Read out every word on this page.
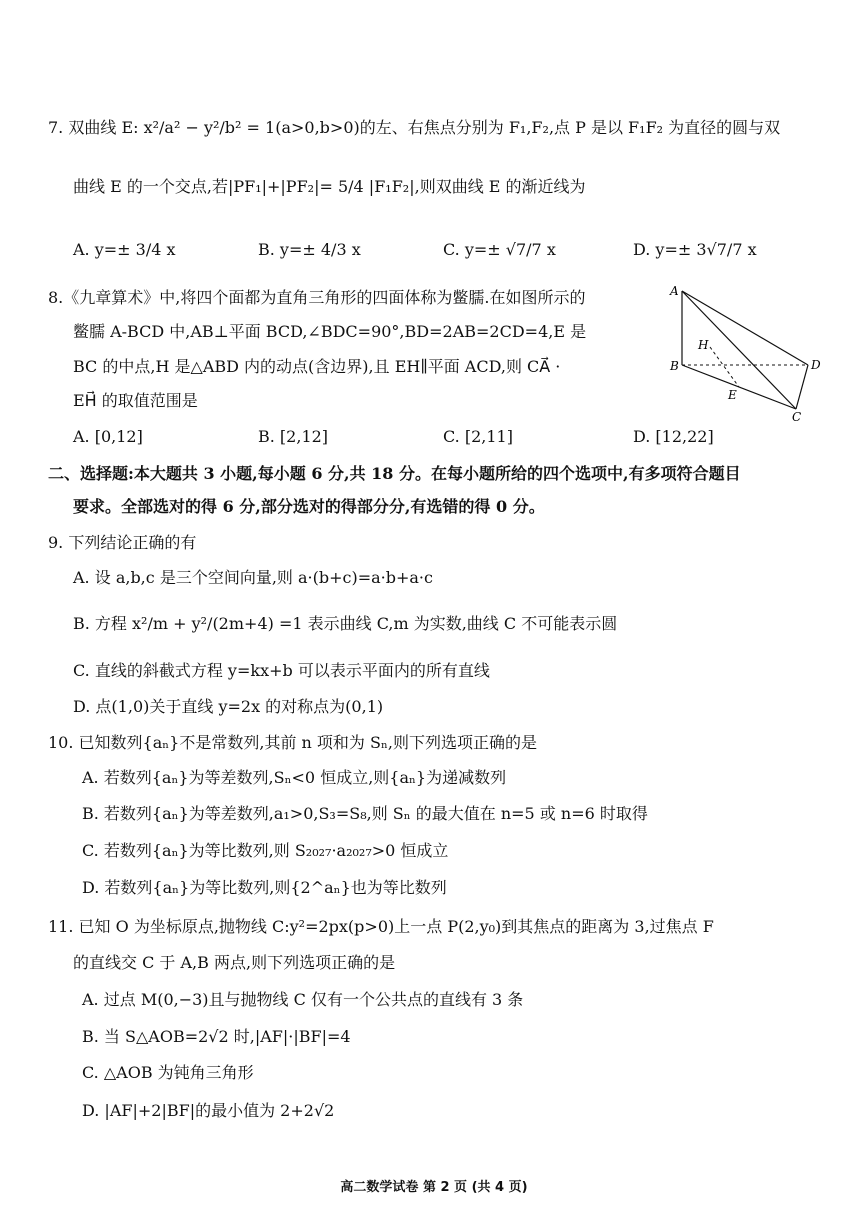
7. 双曲线 E: x²/a² − y²/b² = 1(a>0,b>0)的左、右焦点分别为 F₁,F₂,点 P 是以 F₁F₂ 为直径的圆与双
曲线 E 的一个交点,若|PF₁|+|PF₂|= 5/4 |F₁F₂|,则双曲线 E 的渐近线为
A. y=± 3/4 x	B. y=± 4/3 x	C. y=± √7/7 x	D. y=± 3√7/7 x
8.《九章算术》中,将四个面都为直角三角形的四面体称为鳖臑.在如图所示的
鳖臑 A-BCD 中,AB⊥平面 BCD,∠BDC=90°,BD=2AB=2CD=4,E 是
BC 的中点,H 是△ABD 内的动点(含边界),且 EH∥平面 ACD,则 CA⃗ ·
EH⃗ 的取值范围是
A
B
C
D
E
H
A. [0,12]	B. [2,12]	C. [2,11]	D. [12,22]
二、选择题:本大题共 3 小题,每小题 6 分,共 18 分。在每小题所给的四个选项中,有多项符合题目
要求。全部选对的得 6 分,部分选对的得部分分,有选错的得 0 分。
9. 下列结论正确的有
A. 设 a,b,c 是三个空间向量,则 a·(b+c)=a·b+a·c
B. 方程 x²/m + y²/(2m+4) =1 表示曲线 C,m 为实数,曲线 C 不可能表示圆
C. 直线的斜截式方程 y=kx+b 可以表示平面内的所有直线
D. 点(1,0)关于直线 y=2x 的对称点为(0,1)
10. 已知数列{aₙ}不是常数列,其前 n 项和为 Sₙ,则下列选项正确的是
A. 若数列{aₙ}为等差数列,Sₙ<0 恒成立,则{aₙ}为递减数列
B. 若数列{aₙ}为等差数列,a₁>0,S₃=S₈,则 Sₙ 的最大值在 n=5 或 n=6 时取得
C. 若数列{aₙ}为等比数列,则 S₂₀₂₇·a₂₀₂₇>0 恒成立
D. 若数列{aₙ}为等比数列,则{2^aₙ}也为等比数列
11. 已知 O 为坐标原点,抛物线 C:y²=2px(p>0)上一点 P(2,y₀)到其焦点的距离为 3,过焦点 F
的直线交 C 于 A,B 两点,则下列选项正确的是
A. 过点 M(0,−3)且与抛物线 C 仅有一个公共点的直线有 3 条
B. 当 S△AOB=2√2 时,|AF|·|BF|=4
C. △AOB 为钝角三角形
D. |AF|+2|BF|的最小值为 2+2√2
高二数学试卷 第 2 页 (共 4 页)
